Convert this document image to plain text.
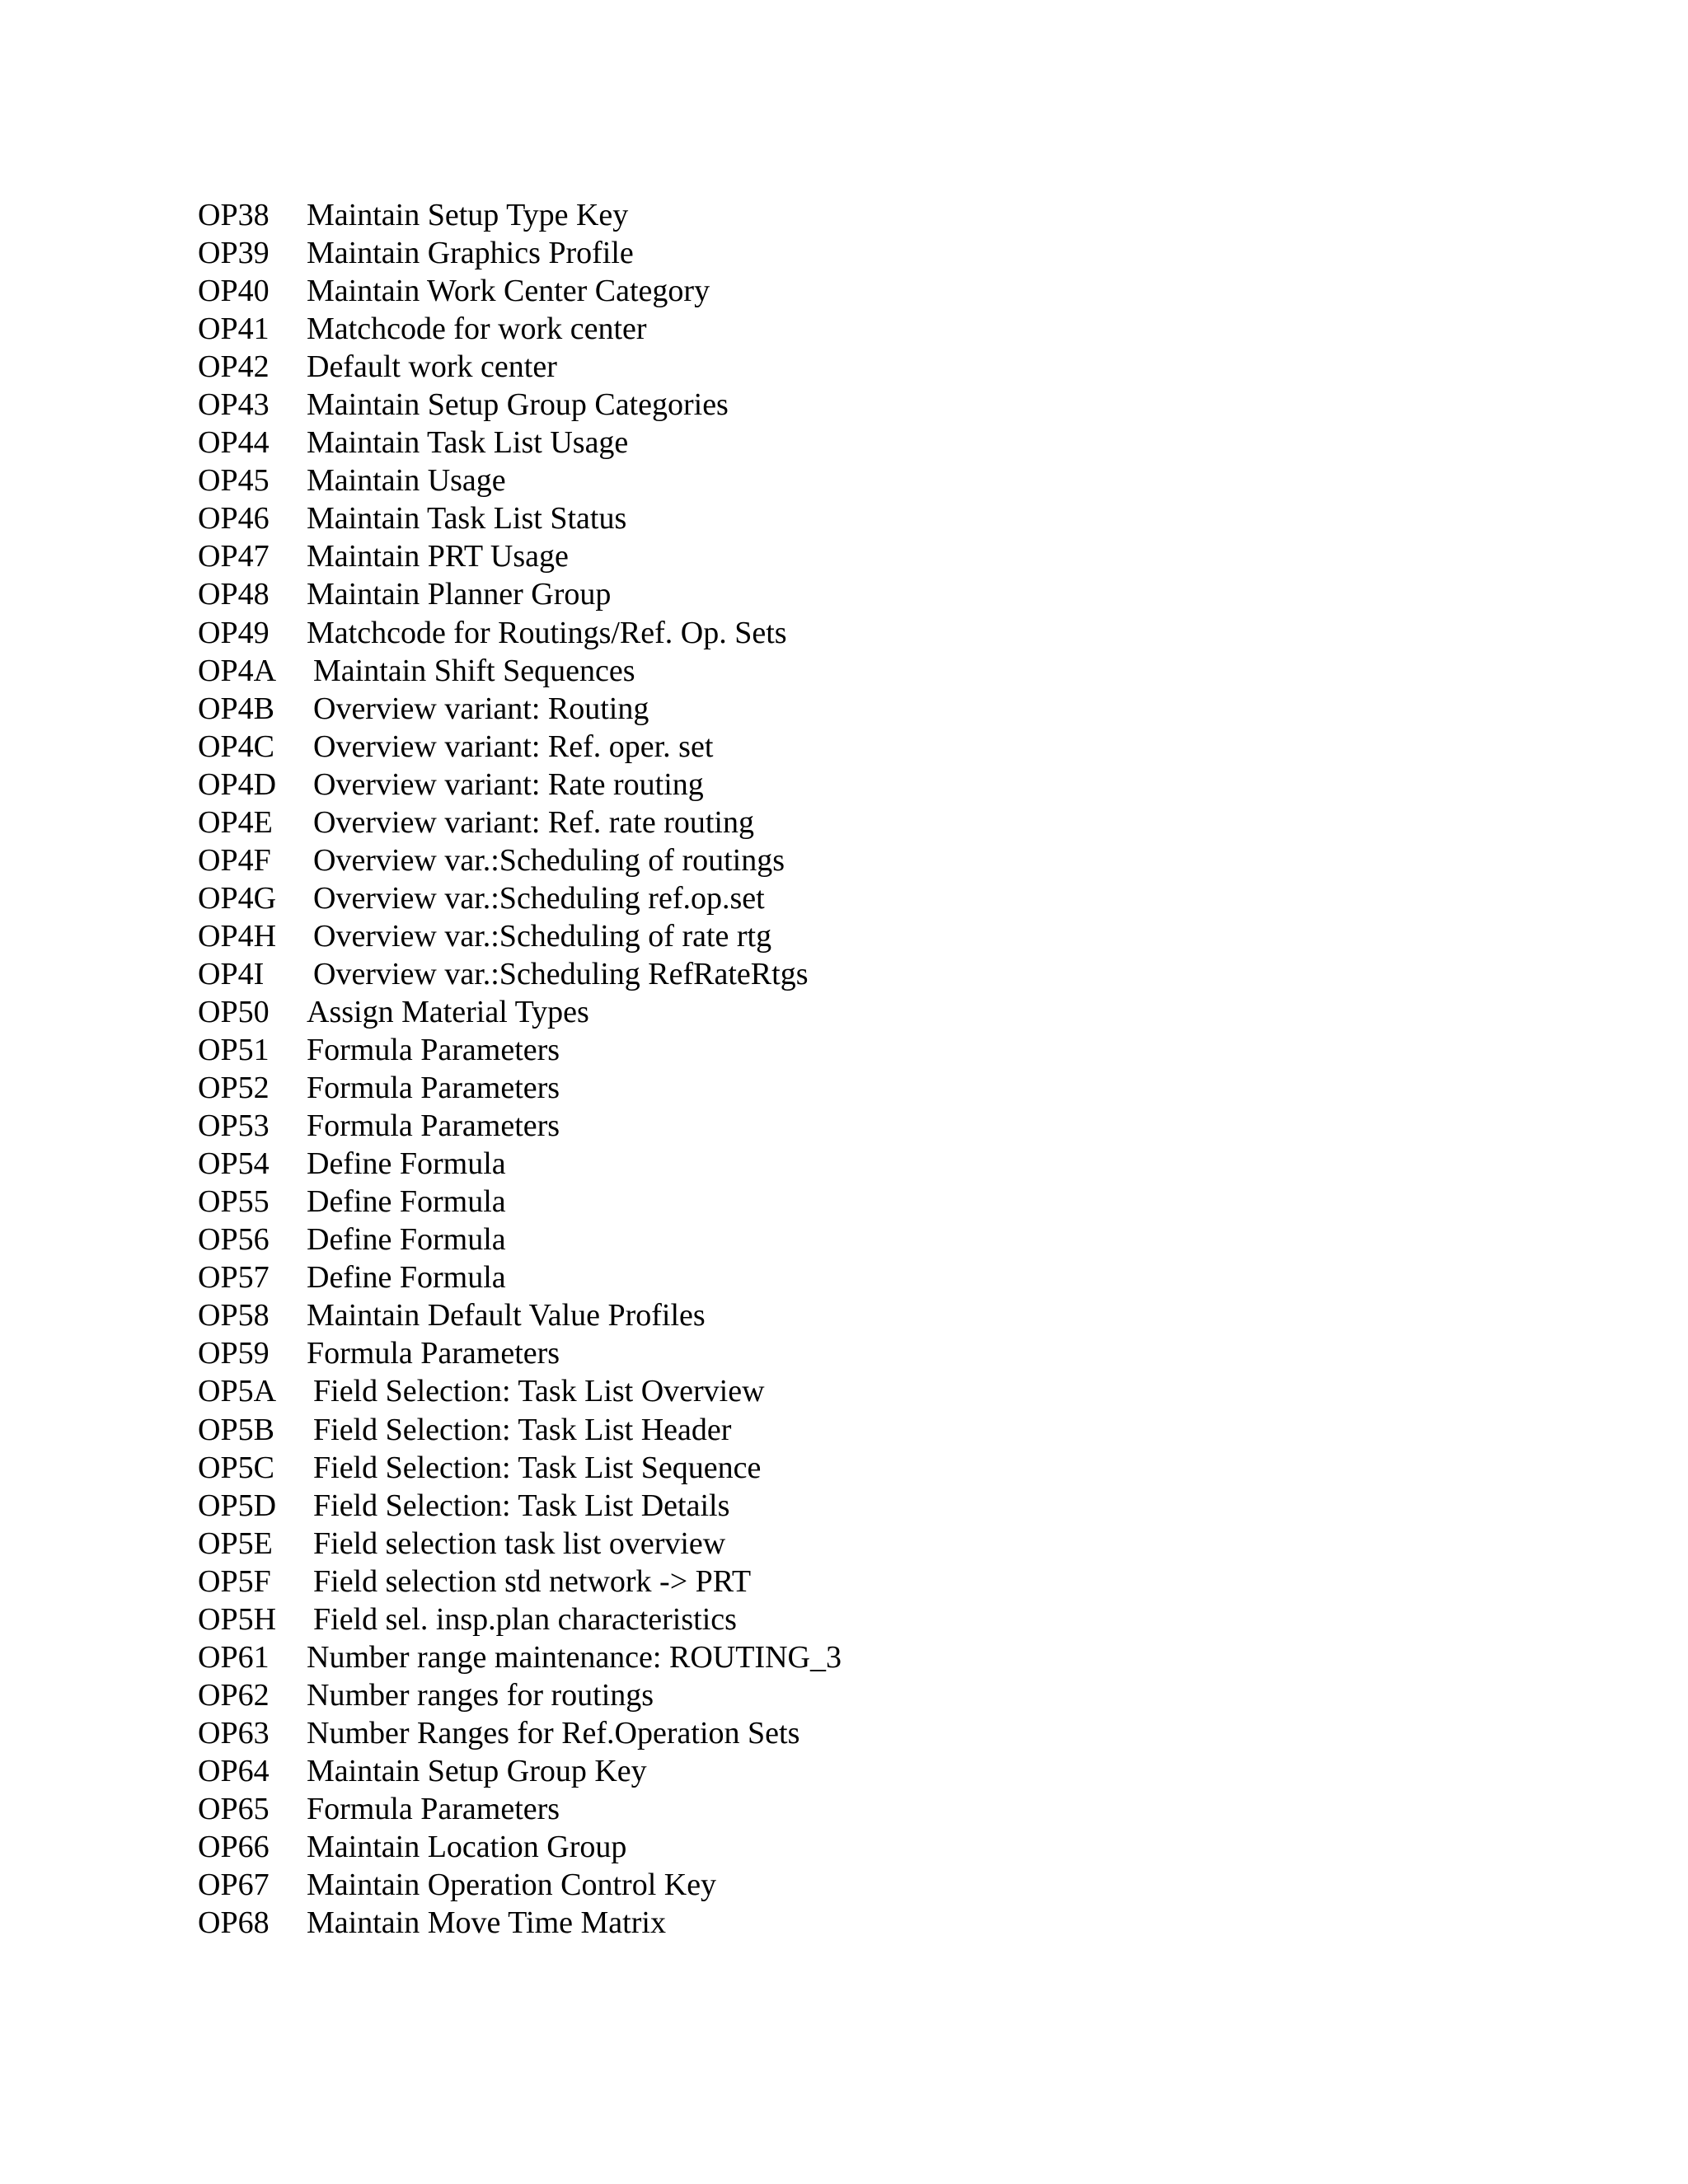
OP38	Maintain Setup Type Key
OP39	Maintain Graphics Profile
OP40	Maintain Work Center Category
OP41	Matchcode for work center
OP42	Default work center
OP43	Maintain Setup Group Categories
OP44	Maintain Task List Usage
OP45	Maintain Usage
OP46	Maintain Task List Status
OP47	Maintain PRT Usage
OP48	Maintain Planner Group
OP49	Matchcode for Routings/Ref. Op. Sets
OP4A	Maintain Shift Sequences
OP4B	Overview variant: Routing
OP4C	Overview variant: Ref. oper. set
OP4D	Overview variant: Rate routing
OP4E	Overview variant: Ref. rate routing
OP4F	Overview var.:Scheduling of routings
OP4G	Overview var.:Scheduling ref.op.set
OP4H	Overview var.:Scheduling of rate rtg
OP4I	Overview var.:Scheduling RefRateRtgs
OP50	Assign Material Types
OP51	Formula Parameters
OP52	Formula Parameters
OP53	Formula Parameters
OP54	Define Formula
OP55	Define Formula
OP56	Define Formula
OP57	Define Formula
OP58	Maintain Default Value Profiles
OP59	Formula Parameters
OP5A	Field Selection: Task List Overview
OP5B	Field Selection: Task List Header
OP5C	Field Selection: Task List Sequence
OP5D	Field Selection: Task List Details
OP5E	Field selection task list overview
OP5F	Field selection std network -> PRT
OP5H	Field sel. insp.plan characteristics
OP61	Number range maintenance: ROUTING_3
OP62	Number ranges for routings
OP63	Number Ranges for Ref.Operation Sets
OP64	Maintain Setup Group Key
OP65	Formula Parameters
OP66	Maintain Location Group
OP67	Maintain Operation Control Key
OP68	Maintain Move Time Matrix
